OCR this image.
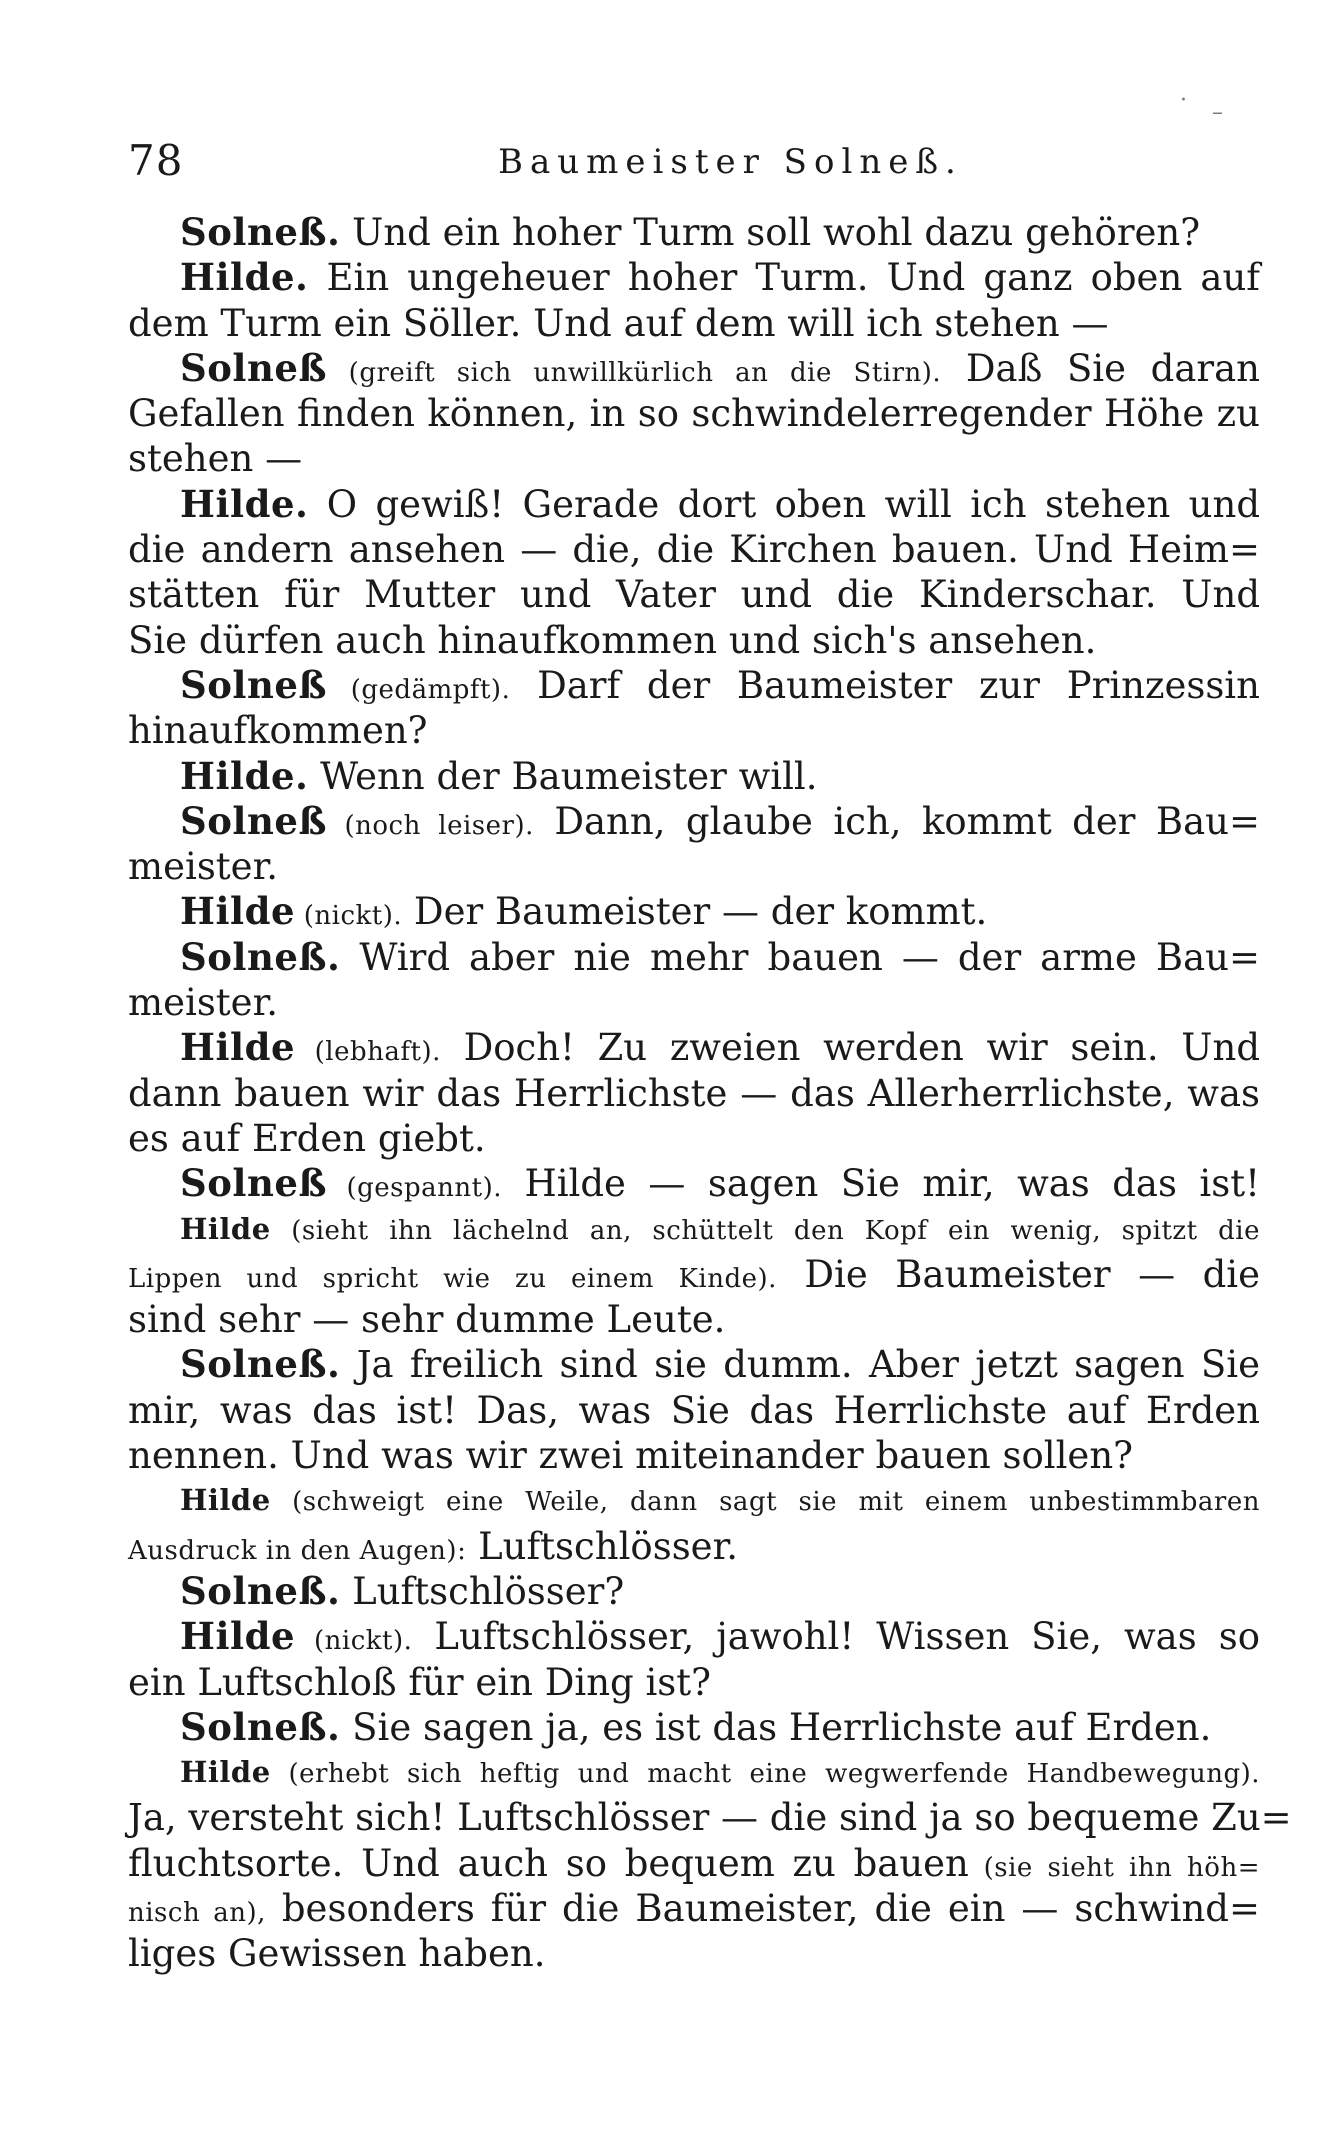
· –
78	Baumeister Solneß.
Solneß. Und ein hoher Turm soll wohl dazu gehören?
Hilde. Ein ungeheuer hoher Turm. Und ganz oben auf
dem Turm ein Söller. Und auf dem will ich stehen —
Solneß (greift sich unwillkürlich an die Stirn). Daß Sie daran
Gefallen finden können, in so schwindelerregender Höhe zu
stehen —
Hilde. O gewiß! Gerade dort oben will ich stehen und
die andern ansehen — die, die Kirchen bauen. Und Heim=
stätten für Mutter und Vater und die Kinderschar. Und
Sie dürfen auch hinaufkommen und sich's ansehen.
Solneß (gedämpft). Darf der Baumeister zur Prinzessin
hinaufkommen?
Hilde. Wenn der Baumeister will.
Solneß (noch leiser). Dann, glaube ich, kommt der Bau=
meister.
Hilde (nickt). Der Baumeister — der kommt.
Solneß. Wird aber nie mehr bauen — der arme Bau=
meister.
Hilde (lebhaft). Doch! Zu zweien werden wir sein. Und
dann bauen wir das Herrlichste — das Allerherrlichste, was
es auf Erden giebt.
Solneß (gespannt). Hilde — sagen Sie mir, was das ist!
Hilde (sieht ihn lächelnd an, schüttelt den Kopf ein wenig, spitzt die
Lippen und spricht wie zu einem Kinde). Die Baumeister — die
sind sehr — sehr dumme Leute.
Solneß. Ja freilich sind sie dumm. Aber jetzt sagen Sie
mir, was das ist! Das, was Sie das Herrlichste auf Erden
nennen. Und was wir zwei miteinander bauen sollen?
Hilde (schweigt eine Weile, dann sagt sie mit einem unbestimmbaren
Ausdruck in den Augen): Luftschlösser.
Solneß. Luftschlösser?
Hilde (nickt). Luftschlösser, jawohl! Wissen Sie, was so
ein Luftschloß für ein Ding ist?
Solneß. Sie sagen ja, es ist das Herrlichste auf Erden.
Hilde (erhebt sich heftig und macht eine wegwerfende Handbewegung).
Ja, versteht sich! Luftschlösser — die sind ja so bequeme Zu=
fluchtsorte. Und auch so bequem zu bauen (sie sieht ihn höh=
nisch an), besonders für die Baumeister, die ein — schwind=
liges Gewissen haben.
